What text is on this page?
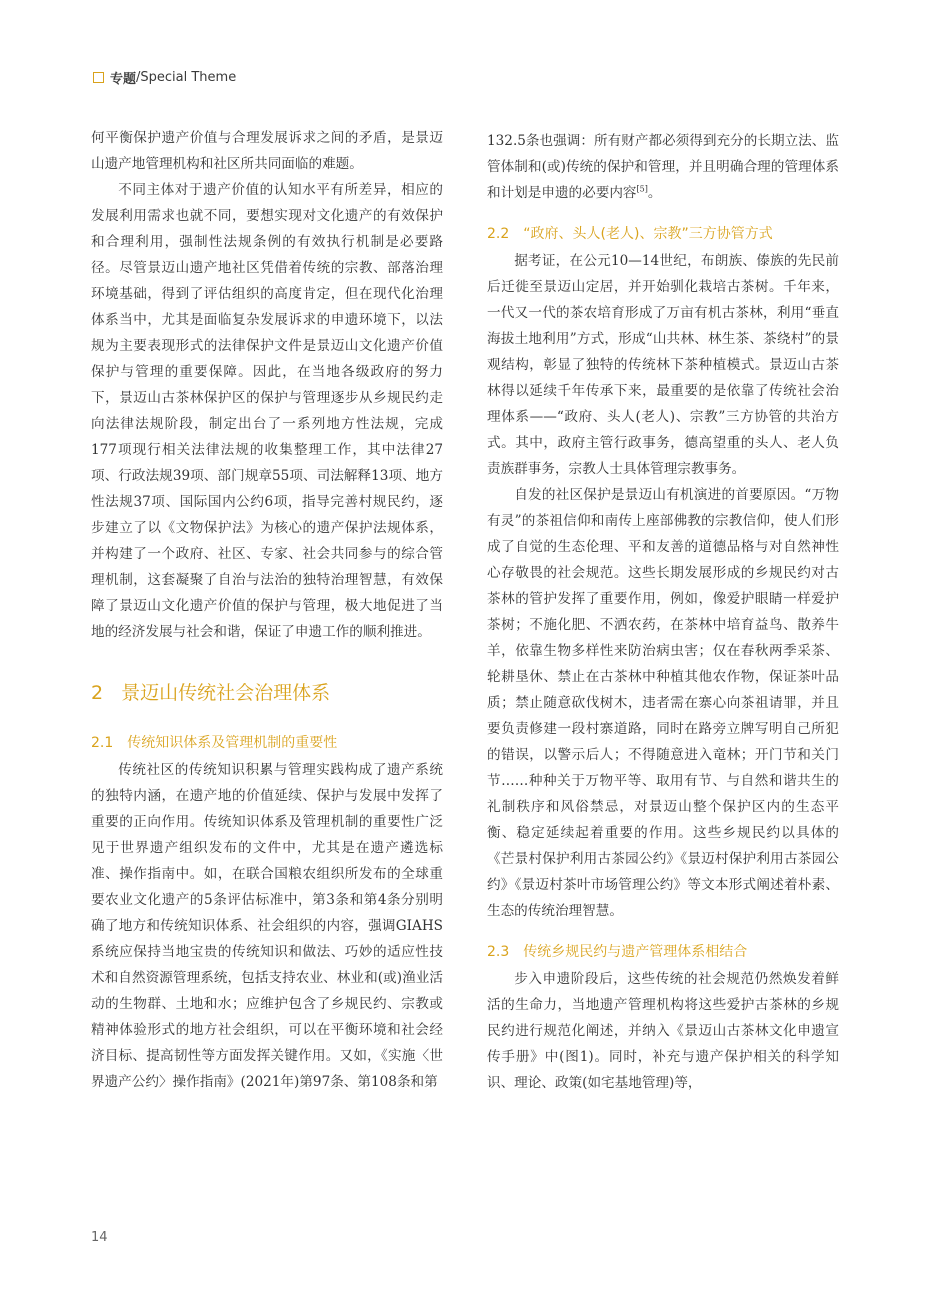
专题 /Special Theme

何平衡保护遗产价值与合理发展诉求之间的矛盾，是景迈山遗产地管理机构和社区所共同面临的难题。

不同主体对于遗产价值的认知水平有所差异，相应的发展利用需求也就不同，要想实现对文化遗产的有效保护和合理利用，强制性法规条例的有效执行机制是必要路径。尽管景迈山遗产地社区凭借着传统的宗教、部落治理环境基础，得到了评估组织的高度肯定，但在现代化治理体系当中，尤其是面临复杂发展诉求的申遗环境下，以法规为主要表现形式的法律保护文件是景迈山文化遗产价值保护与管理的重要保障。因此，在当地各级政府的努力下，景迈山古茶林保护区的保护与管理逐步从乡规民约走向法律法规阶段，制定出台了一系列地方性法规，完成177项现行相关法律法规的收集整理工作，其中法律27项、行政法规39项、部门规章55项、司法解释13项、地方性法规37项、国际国内公约6项，指导完善村规民约，逐步建立了以《文物保护法》为核心的遗产保护法规体系，并构建了一个政府、社区、专家、社会共同参与的综合管理机制，这套凝聚了自治与法治的独特治理智慧，有效保障了景迈山文化遗产价值的保护与管理，极大地促进了当地的经济发展与社会和谐，保证了申遗工作的顺利推进。

2 景迈山传统社会治理体系
2.1 传统知识体系及管理机制的重要性

传统社区的传统知识积累与管理实践构成了遗产系统的独特内涵，在遗产地的价值延续、保护与发展中发挥了重要的正向作用。传统知识体系及管理机制的重要性广泛见于世界遗产组织发布的文件中，尤其是在遗产遴选标准、操作指南中。如，在联合国粮农组织所发布的全球重要农业文化遗产的5条评估标准中，第3条和第4条分别明确了地方和传统知识体系、社会组织的内容，强调GIAHS系统应保持当地宝贵的传统知识和做法、巧妙的适应性技术和自然资源管理系统，包括支持农业、林业和(或)渔业活动的生物群、土地和水；应维护包含了乡规民约、宗教或精神体验形式的地方社会组织，可以在平衡环境和社会经济目标、提高韧性等方面发挥关键作用。又如，《实施〈世界遗产公约〉操作指南》(2021年)第97条、第108条和第

132.5条也强调：所有财产都必须得到充分的长期立法、监管体制和(或)传统的保护和管理，并且明确合理的管理体系和计划是申遗的必要内容[5]。

2.2 “政府、头人(老人)、宗教”三方协管方式

据考证，在公元10—14世纪，布朗族、傣族的先民前后迁徙至景迈山定居，并开始驯化栽培古茶树。千年来，一代又一代的茶农培育形成了万亩有机古茶林，利用“垂直海拔土地利用”方式，形成“山共林、林生茶、茶绕村”的景观结构，彰显了独特的传统林下茶种植模式。景迈山古茶林得以延续千年传承下来，最重要的是依靠了传统社会治理体系——“政府、头人(老人)、宗教”三方协管的共治方式。其中，政府主管行政事务，德高望重的头人、老人负责族群事务，宗教人士具体管理宗教事务。

自发的社区保护是景迈山有机演进的首要原因。“万物有灵”的茶祖信仰和南传上座部佛教的宗教信仰，使人们形成了自觉的生态伦理、平和友善的道德品格与对自然神性心存敬畏的社会规范。这些长期发展形成的乡规民约对古茶林的管护发挥了重要作用，例如，像爱护眼睛一样爱护茶树；不施化肥、不洒农药，在茶林中培育益鸟、散养牛羊，依靠生物多样性来防治病虫害；仅在春秋两季采茶、轮耕垦休、禁止在古茶林中种植其他农作物，保证茶叶品质；禁止随意砍伐树木，违者需在寨心向茶祖请罪，并且要负责修建一段村寨道路，同时在路旁立牌写明自己所犯的错误，以警示后人；不得随意进入竜林；开门节和关门节……种种关于万物平等、取用有节、与自然和谐共生的礼制秩序和风俗禁忌，对景迈山整个保护区内的生态平衡、稳定延续起着重要的作用。这些乡规民约以具体的《芒景村保护利用古茶园公约》《景迈村保护利用古茶园公约》《景迈村茶叶市场管理公约》等文本形式阐述着朴素、生态的传统治理智慧。

2.3 传统乡规民约与遗产管理体系相结合

步入申遗阶段后，这些传统的社会规范仍然焕发着鲜活的生命力，当地遗产管理机构将这些爱护古茶林的乡规民约进行规范化阐述，并纳入《景迈山古茶林文化申遗宣传手册》中(图1)。同时，补充与遗产保护相关的科学知识、理论、政策(如宅基地管理)等，

14
